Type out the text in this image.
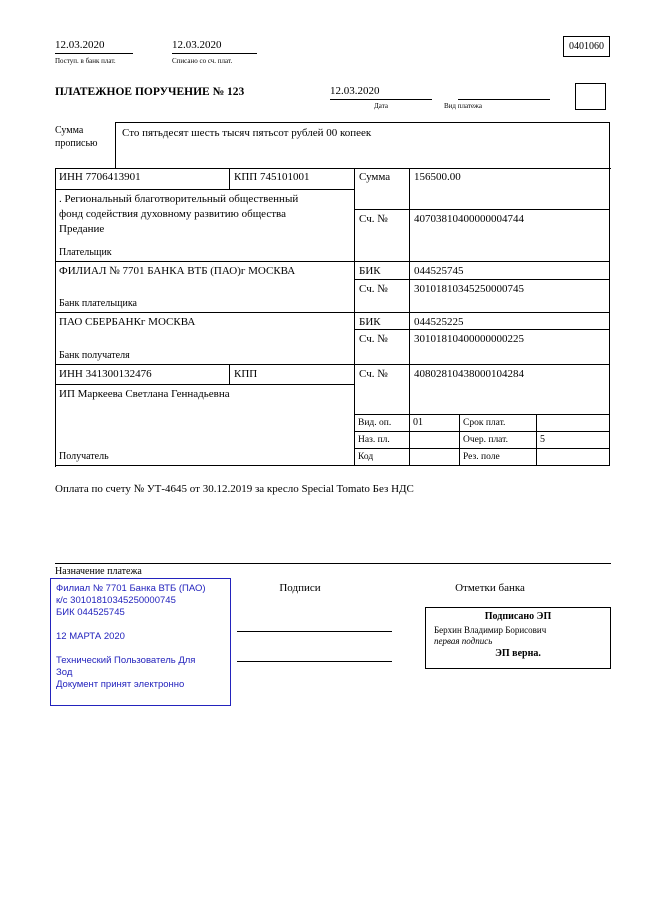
12.03.2020
Поступ. в банк плат.
12.03.2020
Списано со сч. плат.
0401060
ПЛАТЕЖНОЕ ПОРУЧЕНИЕ № 123	12.03.2020
Дата	Вид платежа
Сумма прописью
Сто пятьдесят шесть тысяч пятьсот рублей 00 копеек
ИНН 7706413901	КПП 745101001	Сумма	156500.00
. Региональный благотворительный общественный фонд содействия духовному развитию общества Предание
Плательщик
Сч. №	40703810400000004744
ФИЛИАЛ № 7701 БАНКА ВТБ (ПАО)г МОСКВА
Банк плательщика
БИК	044525745
Сч. №	30101810345250000745
ПАО СБЕРБАНКг МОСКВА
Банк получателя
БИК	044525225
Сч. №	30101810400000000225
ИНН 341300132476	КПП	Сч. №	40802810438000104284
ИП Маркеева Светлана Геннадьевна
Получатель
Вид. оп.	01	Срок плат.
Наз. пл.	Очер. плат.	5
Код	Рез. поле
Оплата по счету № УТ-4645 от 30.12.2019 за кресло Special Tomato Без НДС
Назначение платежа
Филиал № 7701 Банка ВТБ (ПАО)
к/с 30101810345250000745
БИК 044525745
12 МАРТА 2020
Технический Пользователь Для
Зод
Документ принят электронно
Подписи	Отметки банка
Подписано ЭП
Берхин Владимир Борисович
первая подпись
ЭП верна.
